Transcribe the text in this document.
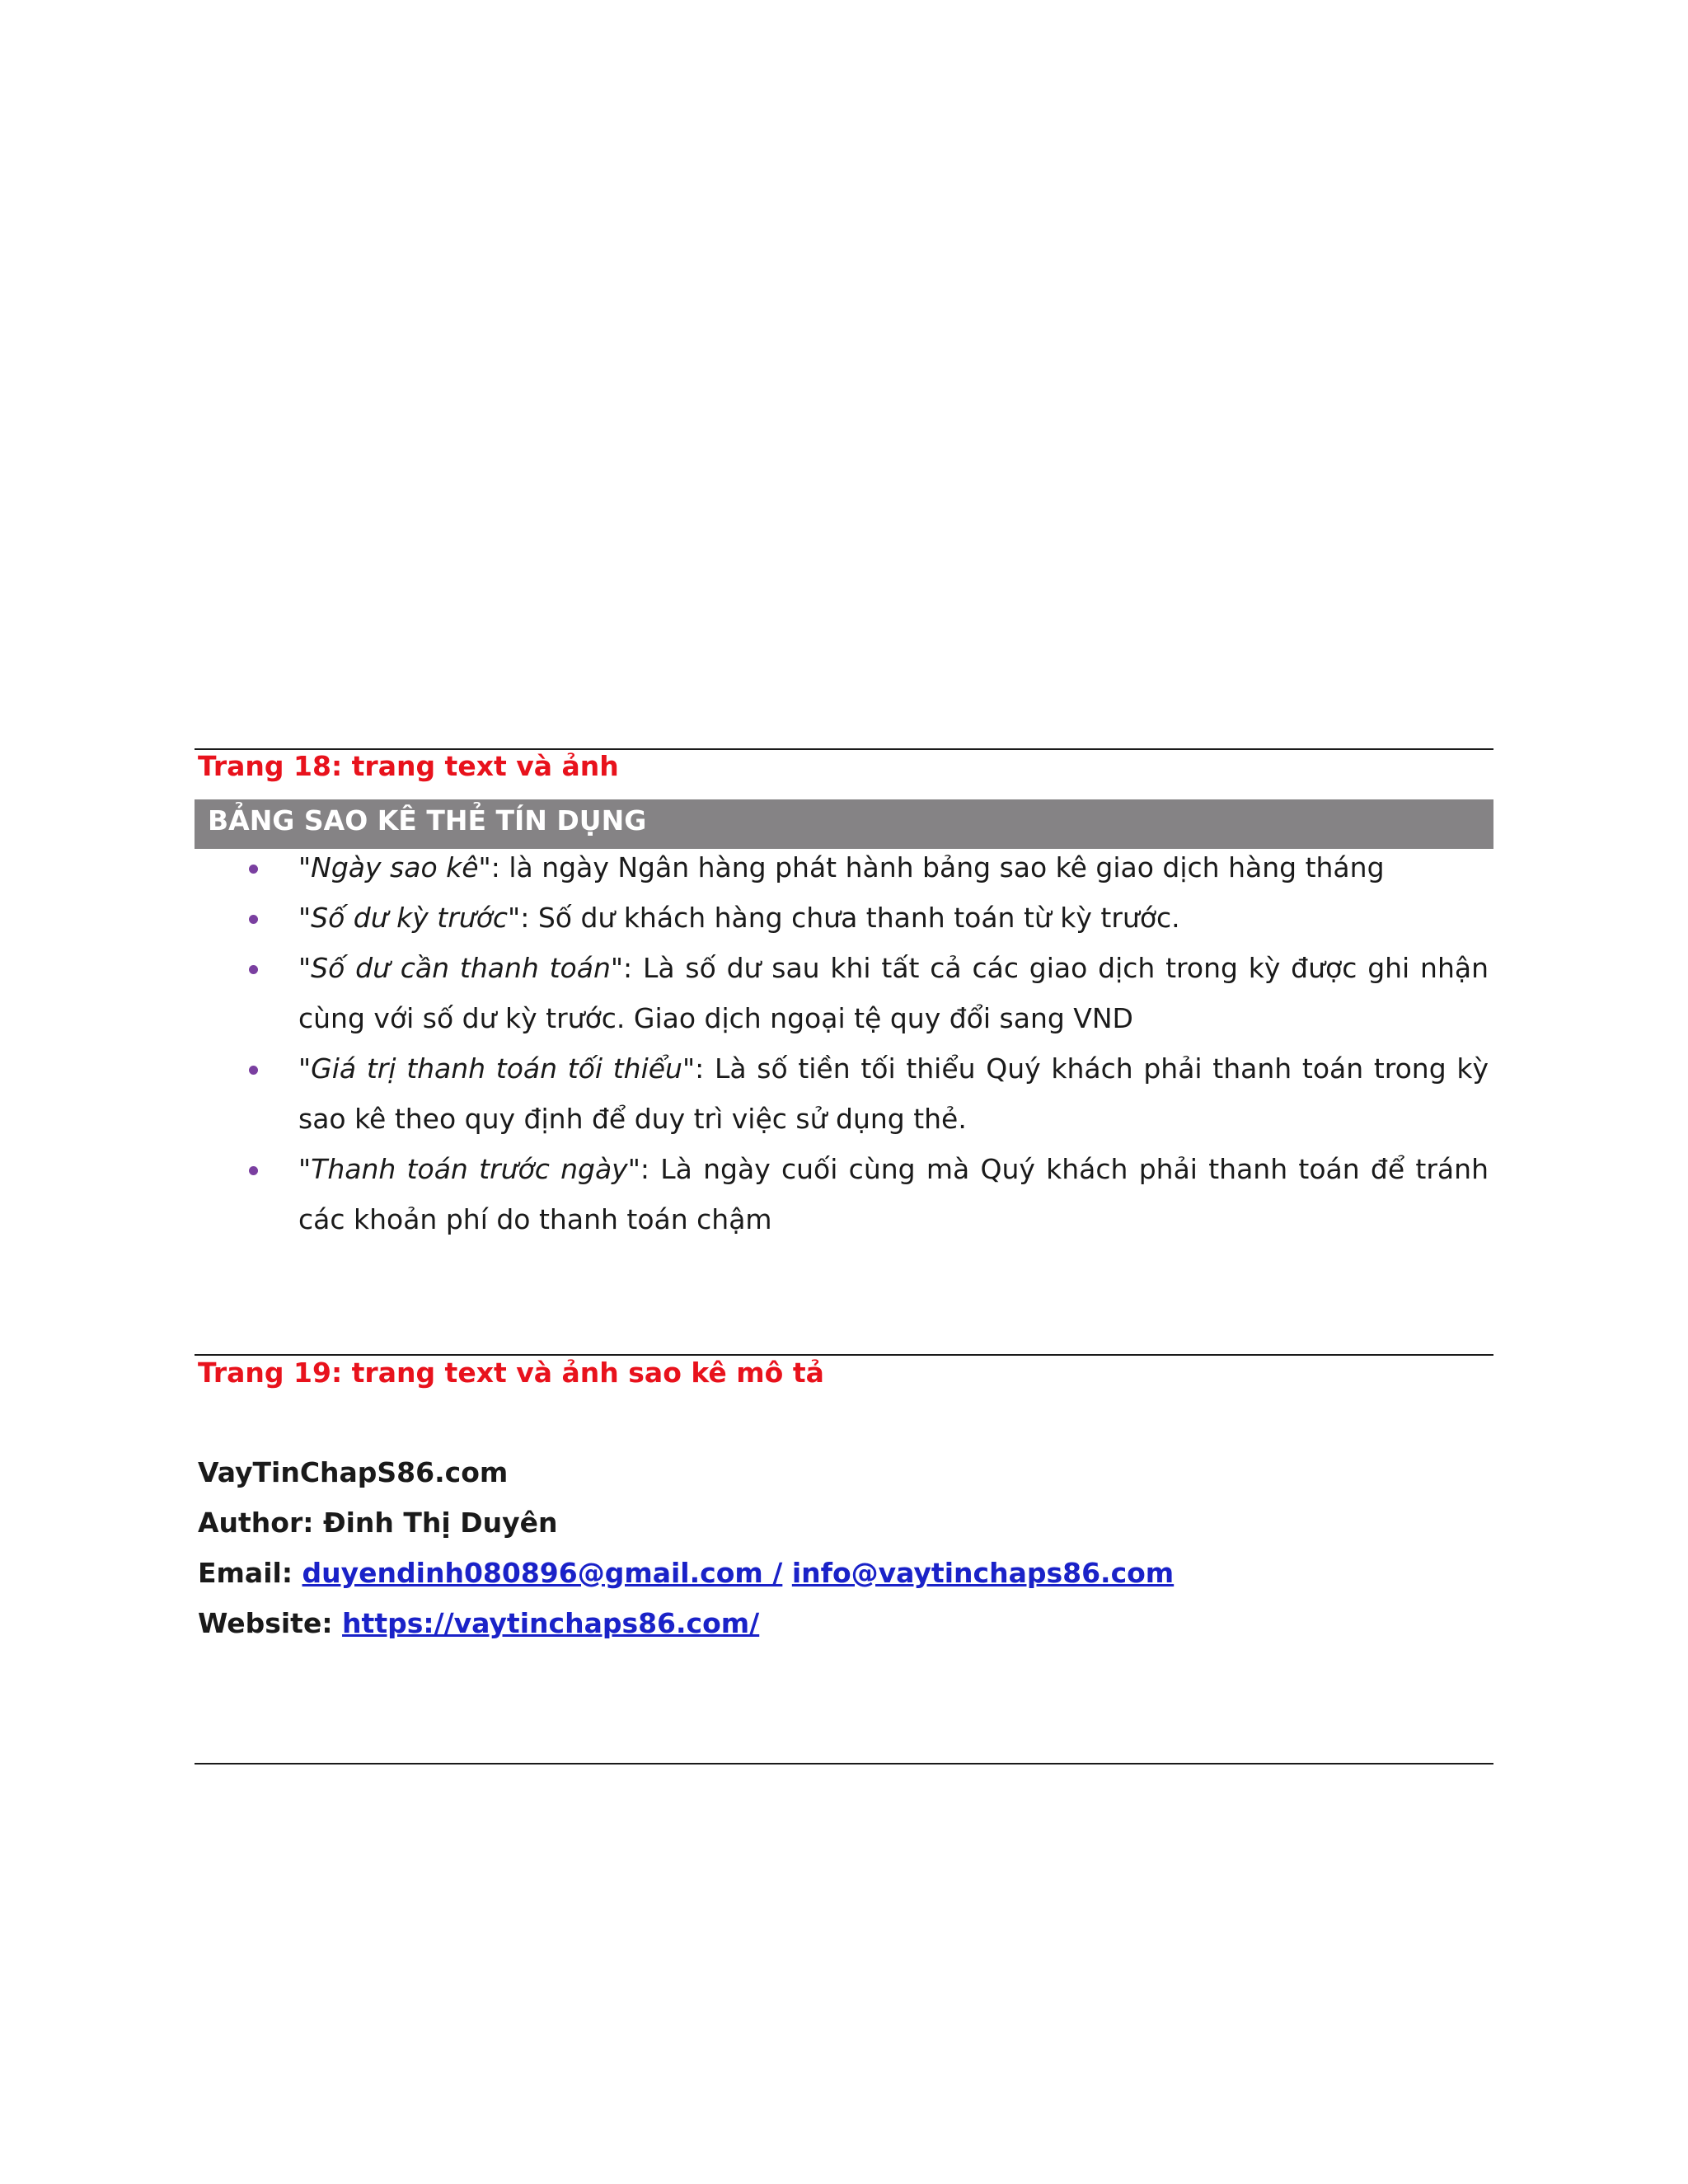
Trang 18: trang text và ảnh
BẢNG SAO KÊ THẺ TÍN DỤNG
"Ngày sao kê": là ngày Ngân hàng phát hành bảng sao kê giao dịch hàng tháng
"Số dư kỳ trước": Số dư khách hàng chưa thanh toán từ kỳ trước.
"Số dư cần thanh toán": Là số dư sau khi tất cả các giao dịch trong kỳ được ghi nhận cùng với số dư kỳ trước. Giao dịch ngoại tệ quy đổi sang VND
"Giá trị thanh toán tối thiểu": Là số tiền tối thiểu Quý khách phải thanh toán trong kỳ sao kê theo quy định để duy trì việc sử dụng thẻ.
"Thanh toán trước ngày": Là ngày cuối cùng mà Quý khách phải thanh toán để tránh các khoản phí do thanh toán chậm
Trang 19: trang text và ảnh sao kê mô tả
VayTinChapS86.com
Author: Đinh Thị Duyên
Email: duyendinh080896@gmail.com / info@vaytinchaps86.com
Website: https://vaytinchaps86.com/
